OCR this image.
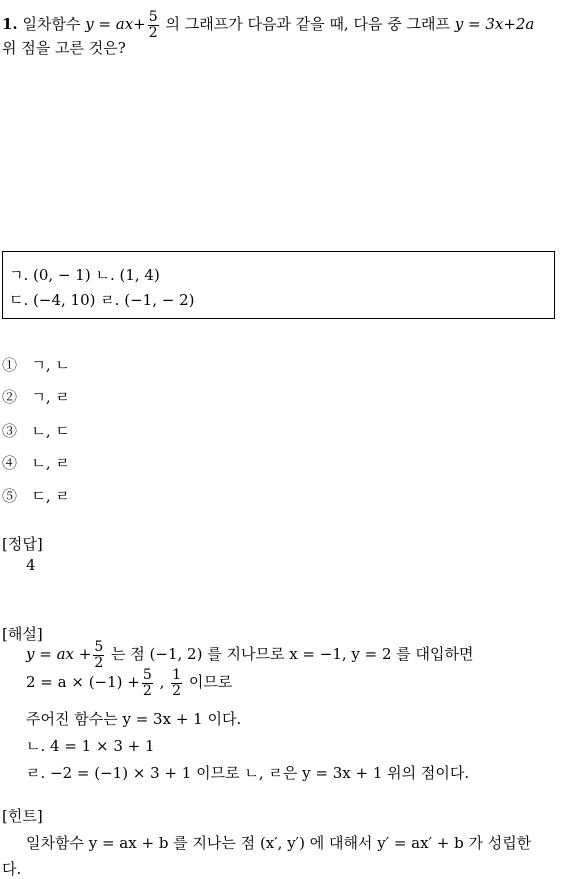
1. 일차함수 $y = ax+ \frac{5}{2}$ 의 그래프가 다음과 같을 때, 다음 중 그래프 y = 3x+2a
위 점을 고른 것은?
ㄱ. (0, − 1) ㄴ. (1, 4)
ㄷ. (−4, 10) ㄹ. (−1, − 2)
① ㄱ, ㄴ
② ㄱ, ㄹ
③ ㄴ, ㄷ
④ ㄴ, ㄹ
⑤ ㄷ, ㄹ
[정답]
4
[해설]
y = ax + $\frac{5}{2}$ 는 점 (−1, 2) 를 지나므로 x = −1, y = 2 를 대입하면
$2 = a \times (-1) + \frac{5}{2}$ , $\frac{1}{2}$ 이므로
주어진 함수는 y = 3x + 1 이다.
ㄴ. 4 = 1 × 3 + 1
ㄹ. −2 = (−1) × 3 + 1 이므로 ㄴ, ㄹ은 y = 3x + 1 위의 점이다.
[힌트]
일차함수 y = ax + b 를 지나는 점 (x′, y′) 에 대해서 y′ = ax′ + b 가 성립한
다.
